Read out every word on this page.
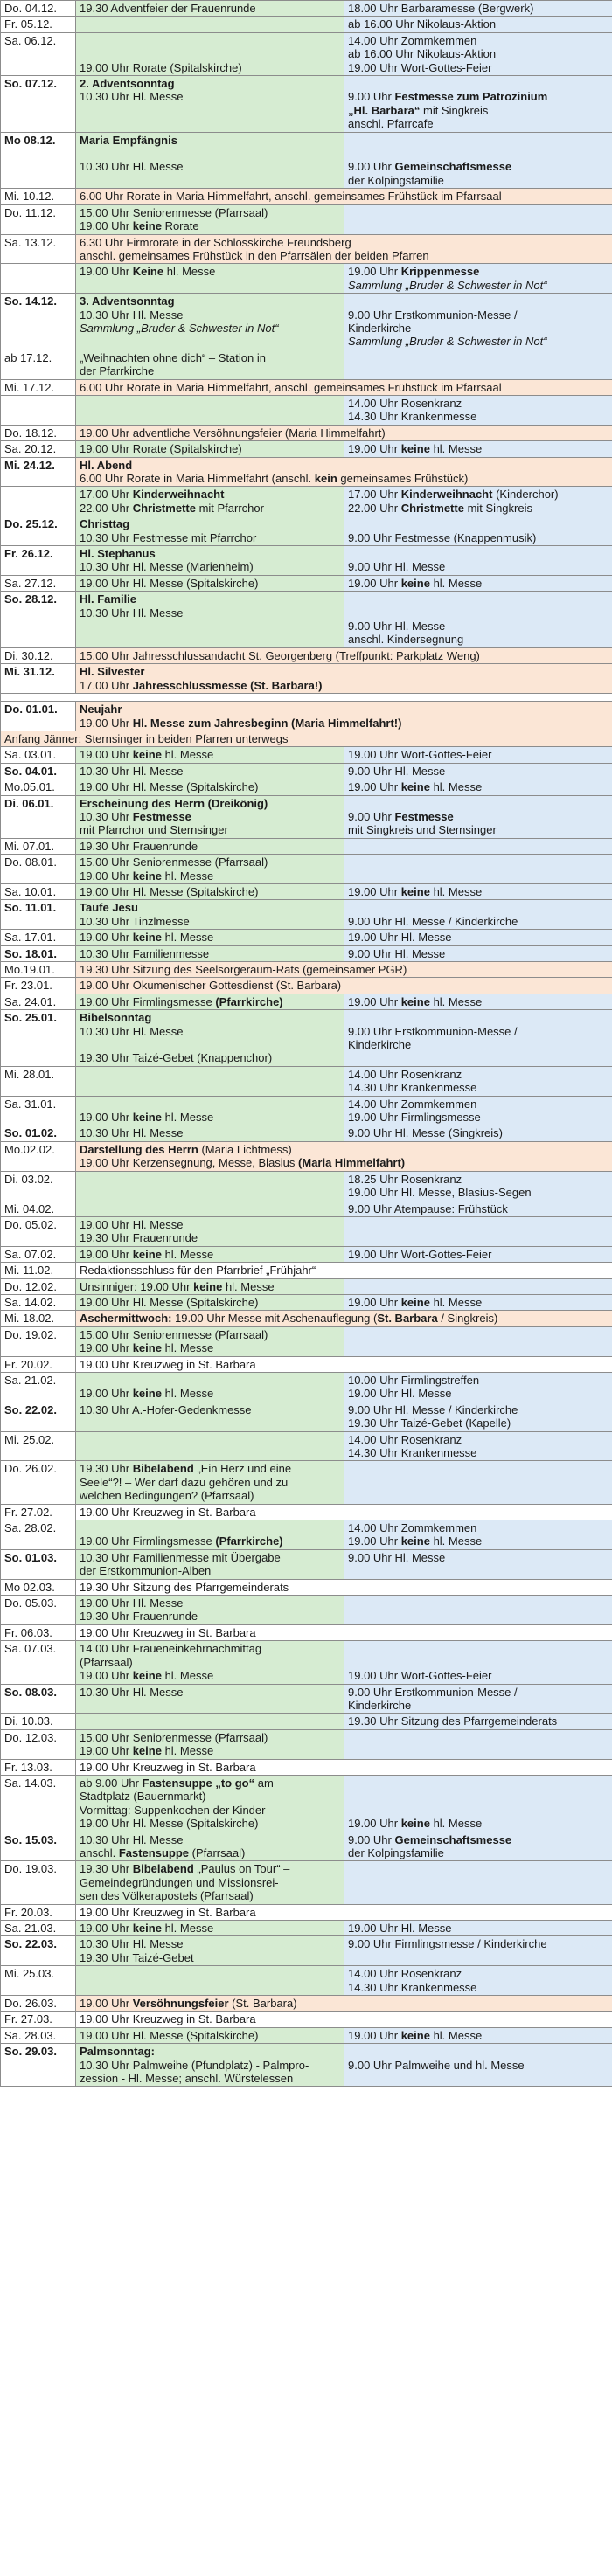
Do. 04.12.	19.30 Adventfeier der Frauenrunde	18.00 Uhr Barbaramesse (Bergwerk)

Fr. 05.12.		ab 16.00 Uhr Nikolaus-Aktion

Sa. 06.12.	19.00 Uhr Rorate (Spitalskirche)	14.00 Uhr Zommkemmen
ab 16.00 Uhr Nikolaus-Aktion
19.00 Uhr Wort-Gottes-Feier

So. 07.12.	2. Adventsonntag
10.30 Uhr Hl. Messe	9.00 Uhr Festmesse zum Patrozinium
„Hl. Barbara“ mit Singkreis
anschl. Pfarrcafe

Mo 08.12.	Maria Empfängnis

10.30 Uhr Hl. Messe	9.00 Uhr Gemeinschaftsmesse
der Kolpingsfamilie

Mi. 10.12.	6.00 Uhr Rorate in Maria Himmelfahrt, anschl. gemeinsames Frühstück im Pfarrsaal	

Do. 11.12.	15.00 Uhr Seniorenmesse (Pfarrsaal)
19.00 Uhr keine Rorate	

Sa. 13.12.	6.30 Uhr Firmrorate in der Schlosskirche Freundsberg
anschl. gemeinsames Frühstück in den Pfarrsälen der beiden Pfarren	

	19.00 Uhr Keine hl. Messe	19.00 Uhr Krippenmesse
Sammlung „Bruder & Schwester in Not“

So. 14.12.	3. Adventsonntag
10.30 Uhr Hl. Messe
Sammlung „Bruder & Schwester in Not“	9.00 Uhr Erstkommunion-Messe /
Kinderkirche
Sammlung „Bruder & Schwester in Not“

ab 17.12.	„Weihnachten ohne dich“ – Station in
der Pfarrkirche	

Mi. 17.12.	6.00 Uhr Rorate in Maria Himmelfahrt, anschl. gemeinsames Frühstück im Pfarrsaal	

		14.00 Uhr Rosenkranz
14.30 Uhr Krankenmesse

Do. 18.12.	19.00 Uhr adventliche Versöhnungsfeier (Maria Himmelfahrt)	

Sa. 20.12.	19.00 Uhr Rorate (Spitalskirche)	19.00 Uhr keine hl. Messe

Mi. 24.12.	Hl. Abend
6.00 Uhr Rorate in Maria Himmelfahrt (anschl. kein gemeinsames Frühstück)	

	17.00 Uhr Kinderweihnacht
22.00 Uhr Christmette mit Pfarrchor	17.00 Uhr Kinderweihnacht (Kinderchor)
22.00 Uhr Christmette mit Singkreis

Do. 25.12.	Christtag
10.30 Uhr Festmesse mit Pfarrchor	9.00 Uhr Festmesse (Knappenmusik)

Fr. 26.12.	Hl. Stephanus
10.30 Uhr Hl. Messe (Marienheim)	9.00 Uhr Hl. Messe

Sa. 27.12.	19.00 Uhr Hl. Messe (Spitalskirche)	19.00 Uhr keine hl. Messe

So. 28.12.	Hl. Familie
10.30 Uhr Hl. Messe	9.00 Uhr Hl. Messe
anschl. Kindersegnung

Di. 30.12.	15.00 Uhr Jahresschlussandacht St. Georgenberg (Treffpunkt: Parkplatz Weng)	

Mi. 31.12.	Hl. Silvester
17.00 Uhr Jahresschlussmesse (St. Barbara!)	

Do. 01.01.	Neujahr
19.00 Uhr Hl. Messe zum Jahresbeginn (Maria Himmelfahrt!)	

Anfang Jänner: Sternsinger in beiden Pfarren unterwegs		

Sa. 03.01.	19.00 Uhr keine hl. Messe	19.00 Uhr Wort-Gottes-Feier

So. 04.01.	10.30 Uhr Hl. Messe	9.00 Uhr Hl. Messe

Mo.05.01.	19.00 Uhr Hl. Messe (Spitalskirche)	19.00 Uhr keine hl. Messe

Di. 06.01.	Erscheinung des Herrn (Dreikönig)
10.30 Uhr Festmesse
mit Pfarrchor und Sternsinger	9.00 Uhr Festmesse
mit Singkreis und Sternsinger

Mi. 07.01.	19.30 Uhr Frauenrunde	

Do. 08.01.	15.00 Uhr Seniorenmesse (Pfarrsaal)
19.00 Uhr keine hl. Messe	

Sa. 10.01.	19.00 Uhr Hl. Messe (Spitalskirche)	19.00 Uhr keine hl. Messe

So. 11.01.	Taufe Jesu
10.30 Uhr Tinzlmesse	9.00 Uhr Hl. Messe / Kinderkirche

Sa. 17.01.	19.00 Uhr keine hl. Messe	19.00 Uhr Hl. Messe

So. 18.01.	10.30 Uhr Familienmesse	9.00 Uhr Hl. Messe

Mo.19.01.	19.30 Uhr Sitzung des Seelsorgeraum-Rats (gemeinsamer PGR)	

Fr. 23.01.	19.00 Uhr Ökumenischer Gottesdienst (St. Barbara)	

Sa. 24.01.	19.00 Uhr Firmlingsmesse (Pfarrkirche)	19.00 Uhr keine hl. Messe

So. 25.01.	Bibelsonntag
10.30 Uhr Hl. Messe

19.30 Uhr Taizé-Gebet (Knappenchor)	9.00 Uhr Erstkommunion-Messe /
Kinderkirche

Mi. 28.01.		14.00 Uhr Rosenkranz
14.30 Uhr Krankenmesse

Sa. 31.01.	19.00 Uhr keine hl. Messe	14.00 Uhr Zommkemmen
19.00 Uhr Firmlingsmesse

So. 01.02.	10.30 Uhr Hl. Messe	9.00 Uhr Hl. Messe (Singkreis)

Mo.02.02.	Darstellung des Herrn (Maria Lichtmess)
19.00 Uhr Kerzensegnung, Messe, Blasius (Maria Himmelfahrt)	

Di. 03.02.		18.25 Uhr Rosenkranz
19.00 Uhr Hl. Messe, Blasius-Segen

Mi. 04.02.		9.00 Uhr Atempause: Frühstück

Do. 05.02.	19.00 Uhr Hl. Messe
19.30 Uhr Frauenrunde	

Sa. 07.02.	19.00 Uhr keine hl. Messe	19.00 Uhr Wort-Gottes-Feier

Mi. 11.02.	Redaktionsschluss für den Pfarrbrief „Frühjahr“	

Do. 12.02.	Unsinniger: 19.00 Uhr keine hl. Messe	

Sa. 14.02.	19.00 Uhr Hl. Messe (Spitalskirche)	19.00 Uhr keine hl. Messe

Mi. 18.02.	Aschermittwoch: 19.00 Uhr Messe mit Aschenauflegung (St. Barbara / Singkreis)	

Do. 19.02.	15.00 Uhr Seniorenmesse (Pfarrsaal)
19.00 Uhr keine hl. Messe	

Fr. 20.02.	19.00 Uhr Kreuzweg in St. Barbara	

Sa. 21.02.	19.00 Uhr keine hl. Messe	10.00 Uhr Firmlingstreffen
19.00 Uhr Hl. Messe

So. 22.02.	10.30 Uhr A.-Hofer-Gedenkmesse	9.00 Uhr Hl. Messe / Kinderkirche
19.30 Uhr Taizé-Gebet (Kapelle)

Mi. 25.02.		14.00 Uhr Rosenkranz
14.30 Uhr Krankenmesse

Do. 26.02.	19.30 Uhr Bibelabend „Ein Herz und eine
Seele“?! – Wer darf dazu gehören und zu
welchen Bedingungen? (Pfarrsaal)	

Fr. 27.02.	19.00 Uhr Kreuzweg in St. Barbara	

Sa. 28.02.	19.00 Uhr Firmlingsmesse (Pfarrkirche)	14.00 Uhr Zommkemmen
19.00 Uhr keine hl. Messe

So. 01.03.	10.30 Uhr Familienmesse mit Übergabe
der Erstkommunion-Alben	9.00 Uhr Hl. Messe

Mo 02.03.	19.30 Uhr Sitzung des Pfarrgemeinderats	

Do. 05.03.	19.00 Uhr Hl. Messe
19.30 Uhr Frauenrunde	

Fr. 06.03.	19.00 Uhr Kreuzweg in St. Barbara	

Sa. 07.03.	14.00 Uhr Fraueneinkehrnachmittag
(Pfarrsaal)
19.00 Uhr keine hl. Messe	19.00 Uhr Wort-Gottes-Feier

So. 08.03.	10.30 Uhr Hl. Messe	9.00 Uhr Erstkommunion-Messe /
Kinderkirche

Di. 10.03.		19.30 Uhr Sitzung des Pfarrgemeinderats

Do. 12.03.	15.00 Uhr Seniorenmesse (Pfarrsaal)
19.00 Uhr keine hl. Messe	

Fr. 13.03.	19.00 Uhr Kreuzweg in St. Barbara	

Sa. 14.03.	ab 9.00 Uhr Fastensuppe „to go“ am
Stadtplatz (Bauernmarkt)
Vormittag: Suppenkochen der Kinder
19.00 Uhr Hl. Messe (Spitalskirche)	19.00 Uhr keine hl. Messe

So. 15.03.	10.30 Uhr Hl. Messe
anschl. Fastensuppe (Pfarrsaal)	9.00 Uhr Gemeinschaftsmesse
der Kolpingsfamilie

Do. 19.03.	19.30 Uhr Bibelabend „Paulus on Tour“ –
Gemeindegründungen und Missionsrei-
sen des Völkerapostels (Pfarrsaal)	

Fr. 20.03.	19.00 Uhr Kreuzweg in St. Barbara	

Sa. 21.03.	19.00 Uhr keine hl. Messe	19.00 Uhr Hl. Messe

So. 22.03.	10.30 Uhr Hl. Messe
19.30 Uhr Taizé-Gebet	9.00 Uhr Firmlingsmesse / Kinderkirche

Mi. 25.03.		14.00 Uhr Rosenkranz
14.30 Uhr Krankenmesse

Do. 26.03.	19.00 Uhr Versöhnungsfeier (St. Barbara)	

Fr. 27.03.	19.00 Uhr Kreuzweg in St. Barbara	

Sa. 28.03.	19.00 Uhr Hl. Messe (Spitalskirche)	19.00 Uhr keine hl. Messe

So. 29.03.	Palmsonntag:
10.30 Uhr Palmweihe (Pfundplatz) - Palmpro-
zession - Hl. Messe; anschl. Würstelessen	9.00 Uhr Palmweihe und hl. Messe
